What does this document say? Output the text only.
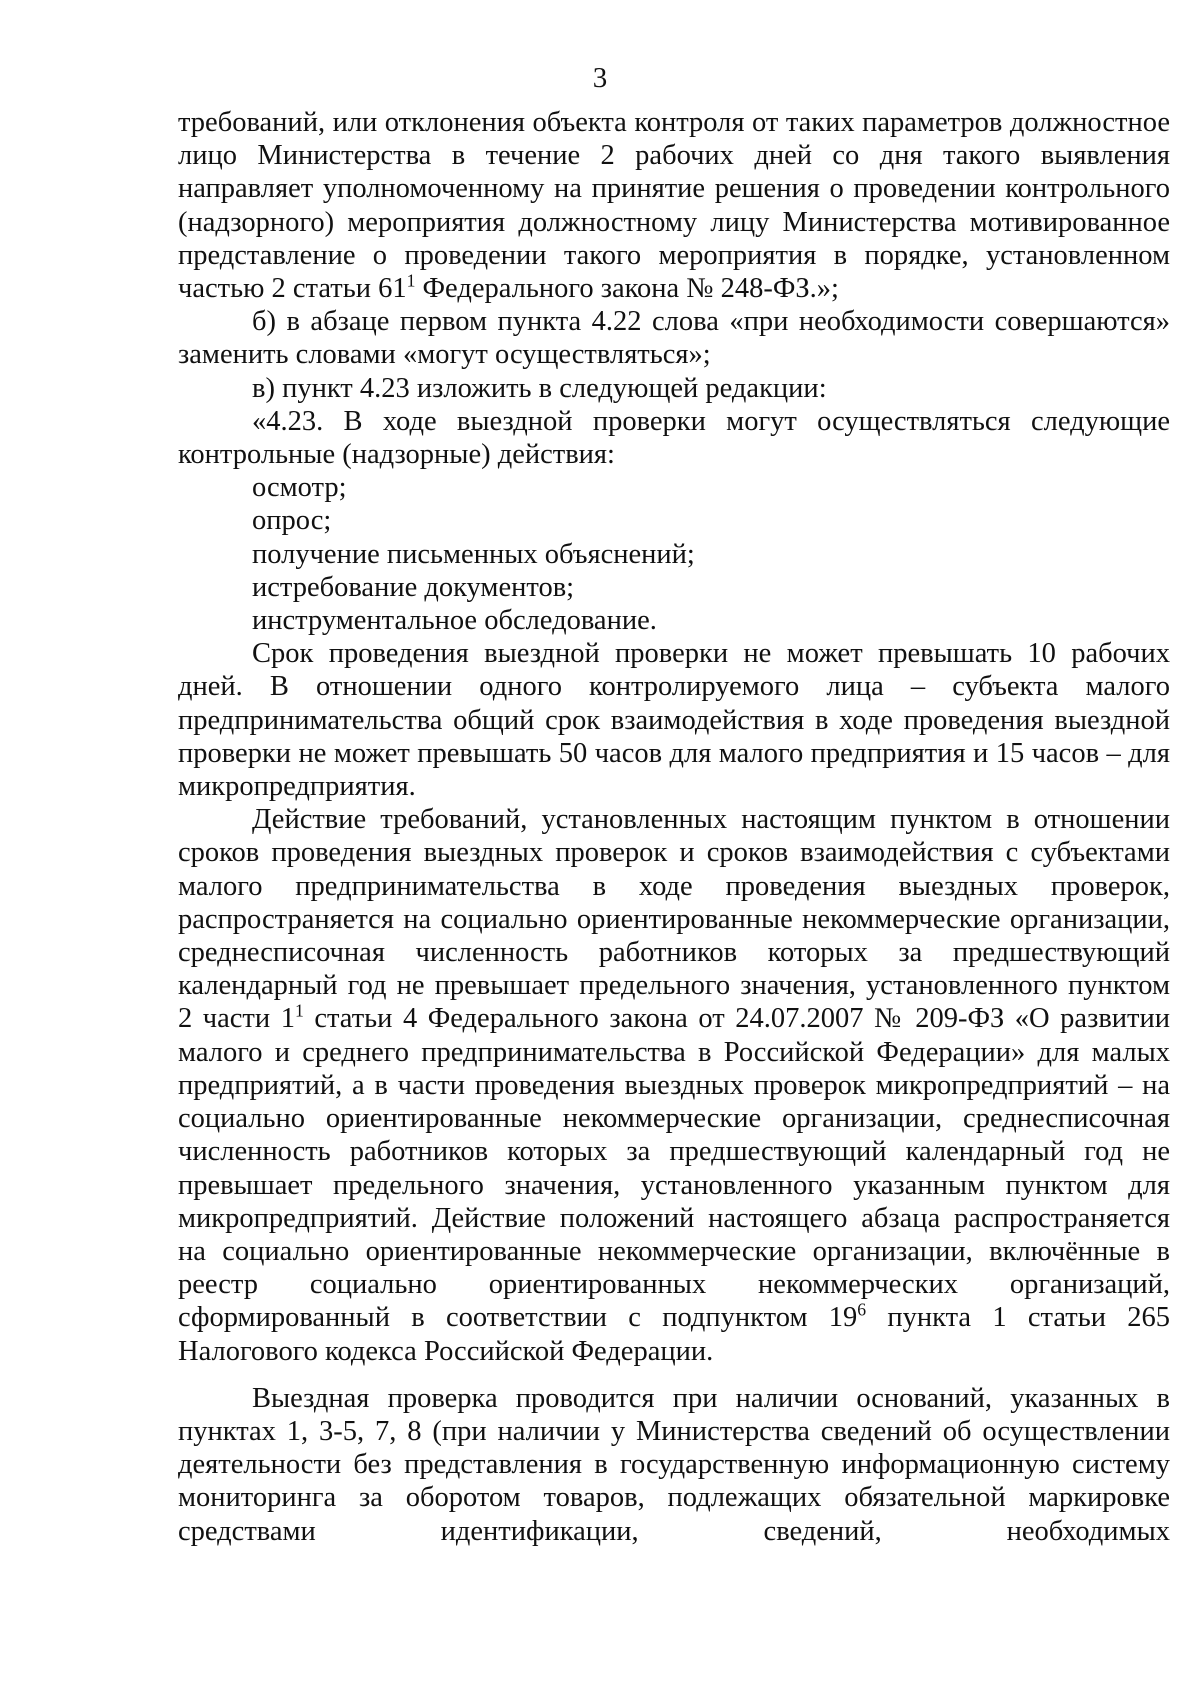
3

требований, или отклонения объекта контроля от таких параметров должностное лицо Министерства в течение 2 рабочих дней со дня такого выявления направляет уполномоченному на принятие решения о проведении контрольного (надзорного) мероприятия должностному лицу Министерства мотивированное представление о проведении такого мероприятия в порядке, установленном частью 2 статьи $61^1$ Федерального закона № 248-ФЗ.»;

б) в абзаце первом пункта 4.22 слова «при необходимости совершаются» заменить словами «могут осуществляться»;

в) пункт 4.23 изложить в следующей редакции:

«4.23. В ходе выездной проверки могут осуществляться следующие контрольные (надзорные) действия:

осмотр;

опрос;

получение письменных объяснений;

истребование документов;

инструментальное обследование.

Срок проведения выездной проверки не может превышать 10 рабочих дней. В отношении одного контролируемого лица – субъекта малого предпринимательства общий срок взаимодействия в ходе проведения выездной проверки не может превышать 50 часов для малого предприятия и 15 часов – для микропредприятия.

Действие требований, установленных настоящим пунктом в отношении сроков проведения выездных проверок и сроков взаимодействия с субъектами малого предпринимательства в ходе проведения выездных проверок, распространяется на социально ориентированные некоммерческие организации, среднесписочная численность работников которых за предшествующий календарный год не превышает предельного значения, установленного пунктом 2 части $1^1$ статьи 4 Федерального закона от 24.07.2007 № 209-ФЗ «О развитии малого и среднего предпринимательства в Российской Федерации» для малых предприятий, а в части проведения выездных проверок микропредприятий – на социально ориентированные некоммерческие организации, среднесписочная численность работников которых за предшествующий календарный год не превышает предельного значения, установленного указанным пунктом для микропредприятий. Действие положений настоящего абзаца распространяется на социально ориентированные некоммерческие организации, включённые в реестр социально ориентированных некоммерческих организаций, сформированный в соответствии с подпунктом $19^6$ пункта 1 статьи 265 Налогового кодекса Российской Федерации.

Выездная проверка проводится при наличии оснований, указанных в пунктах 1, 3-5, 7, 8 (при наличии у Министерства сведений об осуществлении деятельности без представления в государственную информационную систему мониторинга за оборотом товаров, подлежащих обязательной маркировке средствами идентификации, сведений, необходимых
